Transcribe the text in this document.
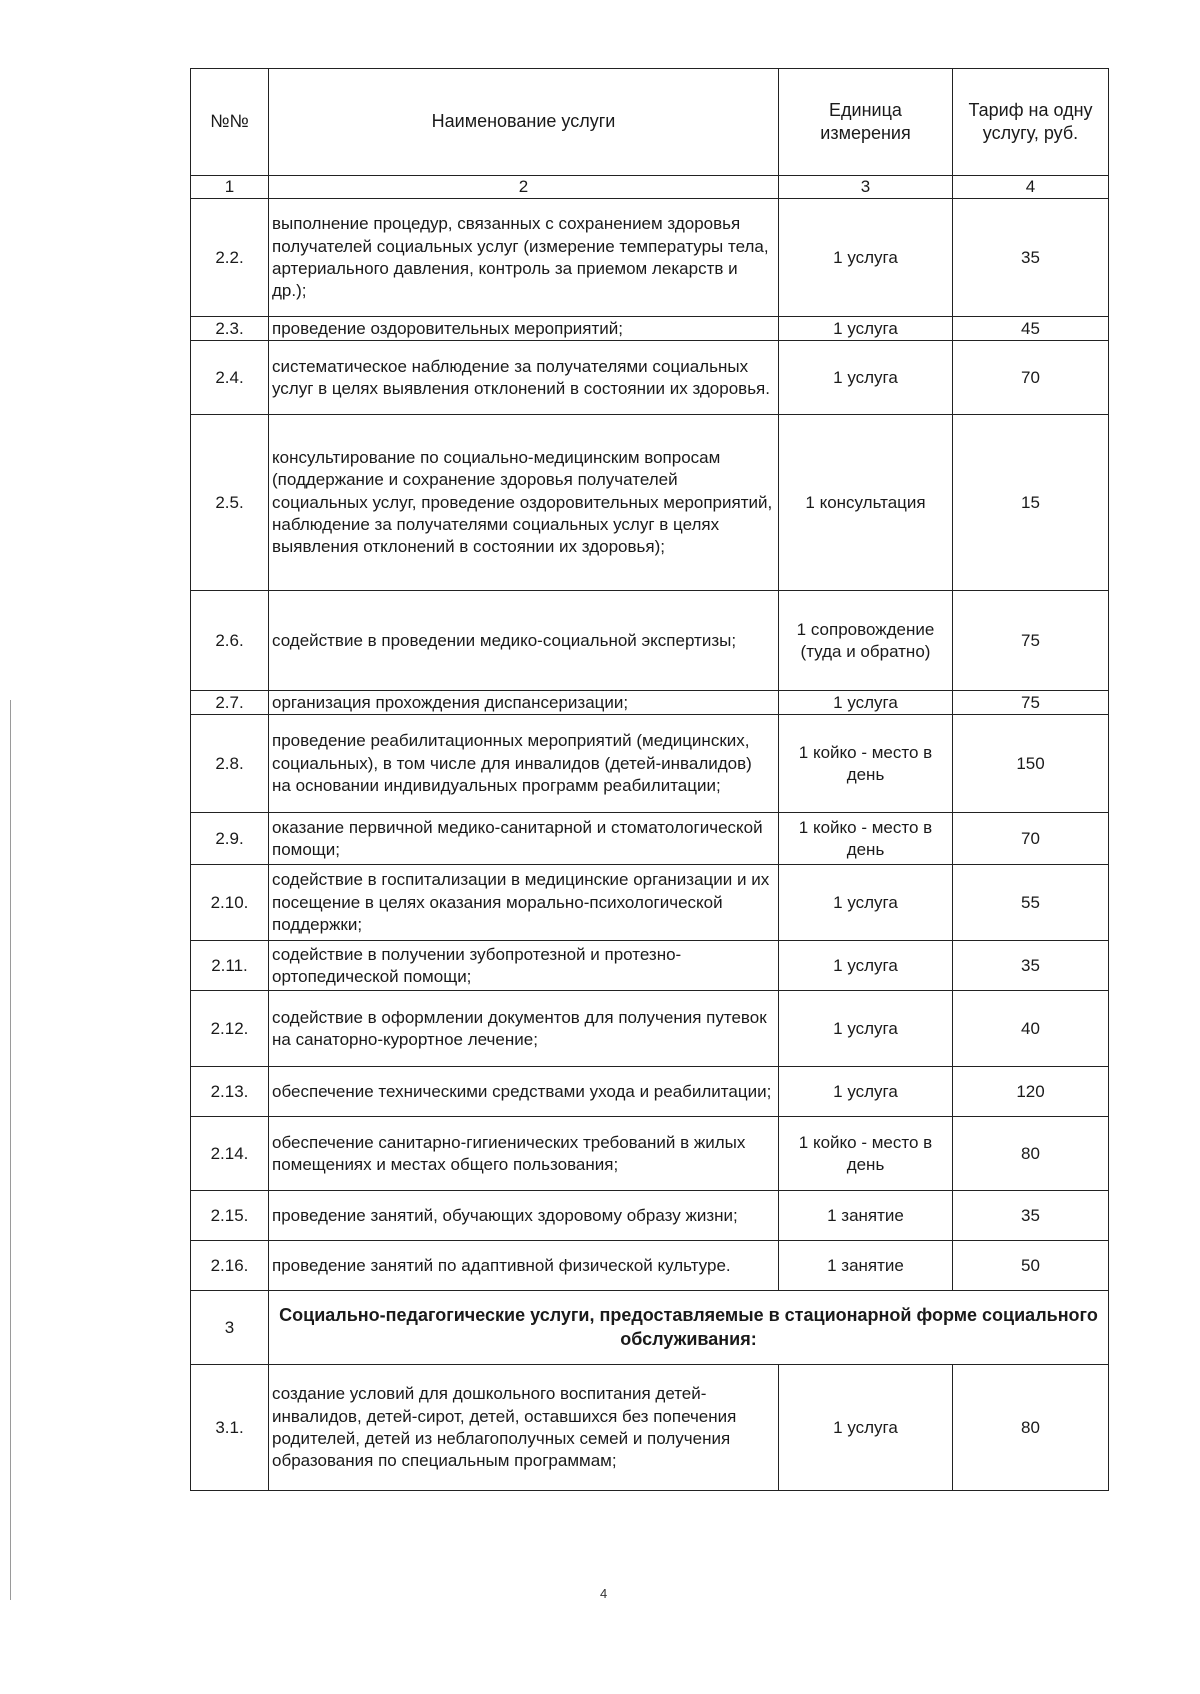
№№	Наименование услуги	Единица измерения	Тариф на одну услугу, руб.
1	2	3	4
2.2.	выполнение процедур, связанных с сохранением здоровья получателей социальных услуг (измерение температуры тела, артериального давления, контроль за приемом лекарств и др.);	1 услуга	35
2.3.	проведение оздоровительных мероприятий;	1 услуга	45
2.4.	систематическое наблюдение за получателями социальных услуг в целях выявления отклонений в состоянии их здоровья.	1 услуга	70
2.5.	консультирование по социально-медицинским вопросам (поддержание и сохранение здоровья получателей социальных услуг, проведение оздоровительных мероприятий, наблюдение за получателями социальных услуг в целях выявления отклонений в состоянии их здоровья);	1 консультация	15
2.6.	содействие в проведении медико-социальной экспертизы;	1 сопровождение (туда и обратно)	75
2.7.	организация прохождения диспансеризации;	1 услуга	75
2.8.	проведение реабилитационных мероприятий (медицинских, социальных), в том числе для инвалидов (детей-инвалидов) на основании индивидуальных программ реабилитации;	1 койко - место в день	150
2.9.	оказание первичной медико-санитарной и стоматологической помощи;	1 койко - место в день	70
2.10.	содействие в госпитализации в медицинские организации и их посещение в целях оказания морально-психологической поддержки;	1 услуга	55
2.11.	содействие в получении зубопротезной и протезно-ортопедической помощи;	1 услуга	35
2.12.	содействие в оформлении документов для получения путевок на санаторно-курортное лечение;	1 услуга	40
2.13.	обеспечение техническими средствами ухода и реабилитации;	1 услуга	120
2.14.	обеспечение санитарно-гигиенических требований в жилых помещениях и местах общего пользования;	1 койко - место в день	80
2.15.	проведение занятий, обучающих здоровому образу жизни;	1 занятие	35
2.16.	проведение занятий по адаптивной физической культуре.	1 занятие	50
3	Социально-педагогические услуги, предоставляемые в стационарной форме социального обслуживания:		
3.1.	создание условий для дошкольного воспитания детей-инвалидов, детей-сирот, детей, оставшихся без попечения родителей, детей из неблагополучных семей и получения образования по специальным программам;	1 услуга	80
4
